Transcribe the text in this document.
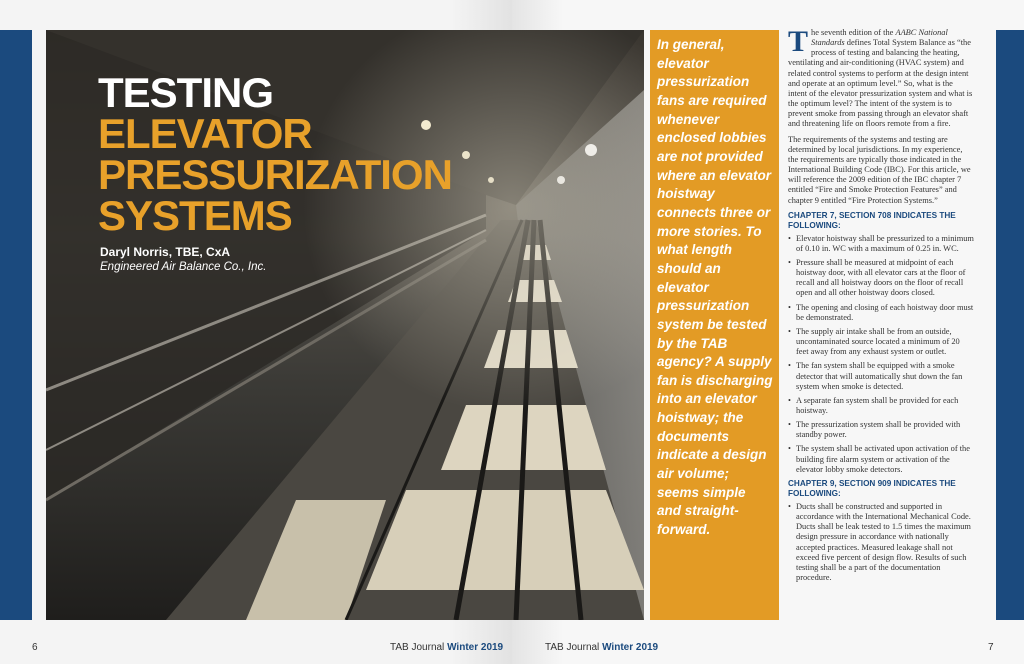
TESTING
ELEVATOR
PRESSURIZATION
SYSTEMS
Daryl Norris, TBE, CxA
Engineered Air Balance Co., Inc.

In general, elevator pressurization fans are required whenever enclosed lobbies are not provided where an elevator hoistway connects three or more stories. To what length should an elevator pressurization system be tested by the TAB agency? A supply fan is discharging into an elevator hoistway; the documents indicate a design air volume; seems simple and straight-forward.

The seventh edition of the AABC National Standards defines Total System Balance as “the process of testing and balancing the heating, ventilating and air-conditioning (HVAC system) and related control systems to perform at the design intent and operate at an optimum level.” So, what is the intent of the elevator pressurization system and what is the optimum level? The intent of the system is to prevent smoke from passing through an elevator shaft and threatening life on floors remote from a fire.

The requirements of the systems and testing are determined by local jurisdictions. In my experience, the requirements are typically those indicated in the International Building Code (IBC). For this article, we will reference the 2009 edition of the IBC chapter 7 entitled “Fire and Smoke Protection Features” and chapter 9 entitled “Fire Protection Systems.”

CHAPTER 7, SECTION 708 INDICATES THE FOLLOWING:
• Elevator hoistway shall be pressurized to a minimum of 0.10 in. WC with a maximum of 0.25 in. WC.
• Pressure shall be measured at midpoint of each hoistway door, with all elevator cars at the floor of recall and all hoistway doors on the floor of recall open and all other hoistway doors closed.
• The opening and closing of each hoistway door must be demonstrated.
• The supply air intake shall be from an outside, uncontaminated source located a minimum of 20 feet away from any exhaust system or outlet.
• The fan system shall be equipped with a smoke detector that will automatically shut down the fan system when smoke is detected.
• A separate fan system shall be provided for each hoistway.
• The pressurization system shall be provided with standby power.
• The system shall be activated upon activation of the building fire alarm system or activation of the elevator lobby smoke detectors.
CHAPTER 9, SECTION 909 INDICATES THE FOLLOWING:
• Ducts shall be constructed and supported in accordance with the International Mechanical Code. Ducts shall be leak tested to 1.5 times the maximum design pressure in accordance with nationally accepted practices. Measured leakage shall not exceed five percent of design flow. Results of such testing shall be a part of the documentation procedure.
6	TAB Journal Winter 2019	TAB Journal Winter 2019	7
